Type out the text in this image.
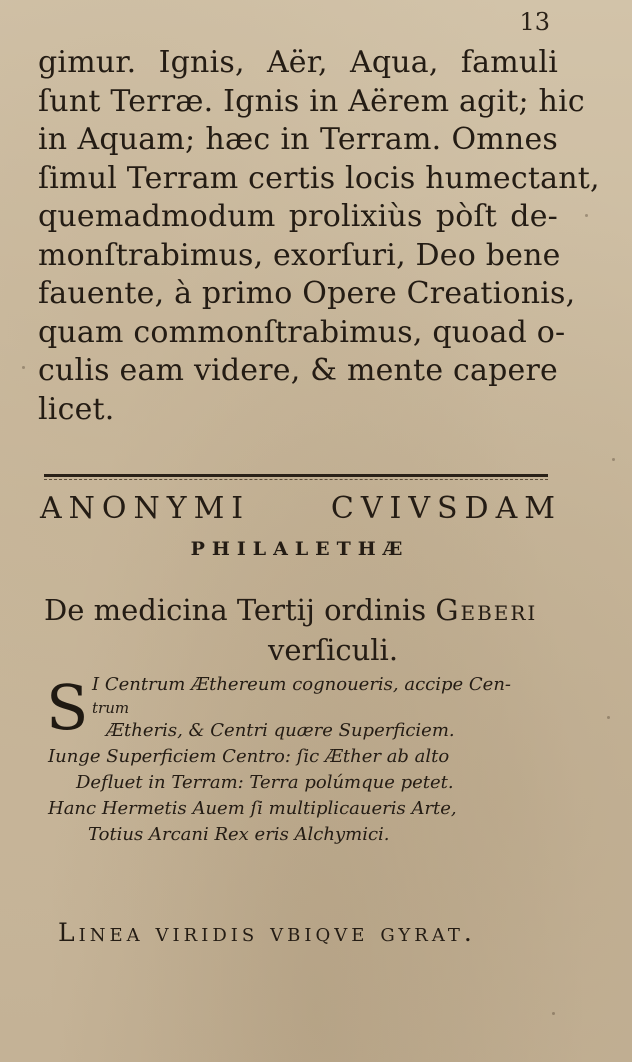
13
gimur. Ignis, Aër, Aqua, famuli
ſunt Terræ. Ignis in Aërem agit; hic
in Aquam; hæc in Terram. Omnes
ſimul Terram certis locis humectant,
quemadmodum prolixiùs pòſt de-
monſtrabimus, exorſuri, Deo bene
fauente, à primo Opere Creationis,
quam commonſtrabimus, quoad o-
culis eam videre, & mente capere
licet.
ANONYMI CVIVSDAM
PHILALETHÆ
De medicina Tertij ordinis Geberi
verſiculi.
S I Centrum Æthereum cognoueris, accipe Cen-
trum
Ætheris, & Centri quære Superficiem.
Iunge Superficiem Centro: ſic Æther ab alto
Defluet in Terram: Terra polúmque petet.
Hanc Hermetis Auem ſi multiplicaueris Arte,
Totius Arcani Rex eris Alchymici.
Linea viridis vbiqve gyrat.
